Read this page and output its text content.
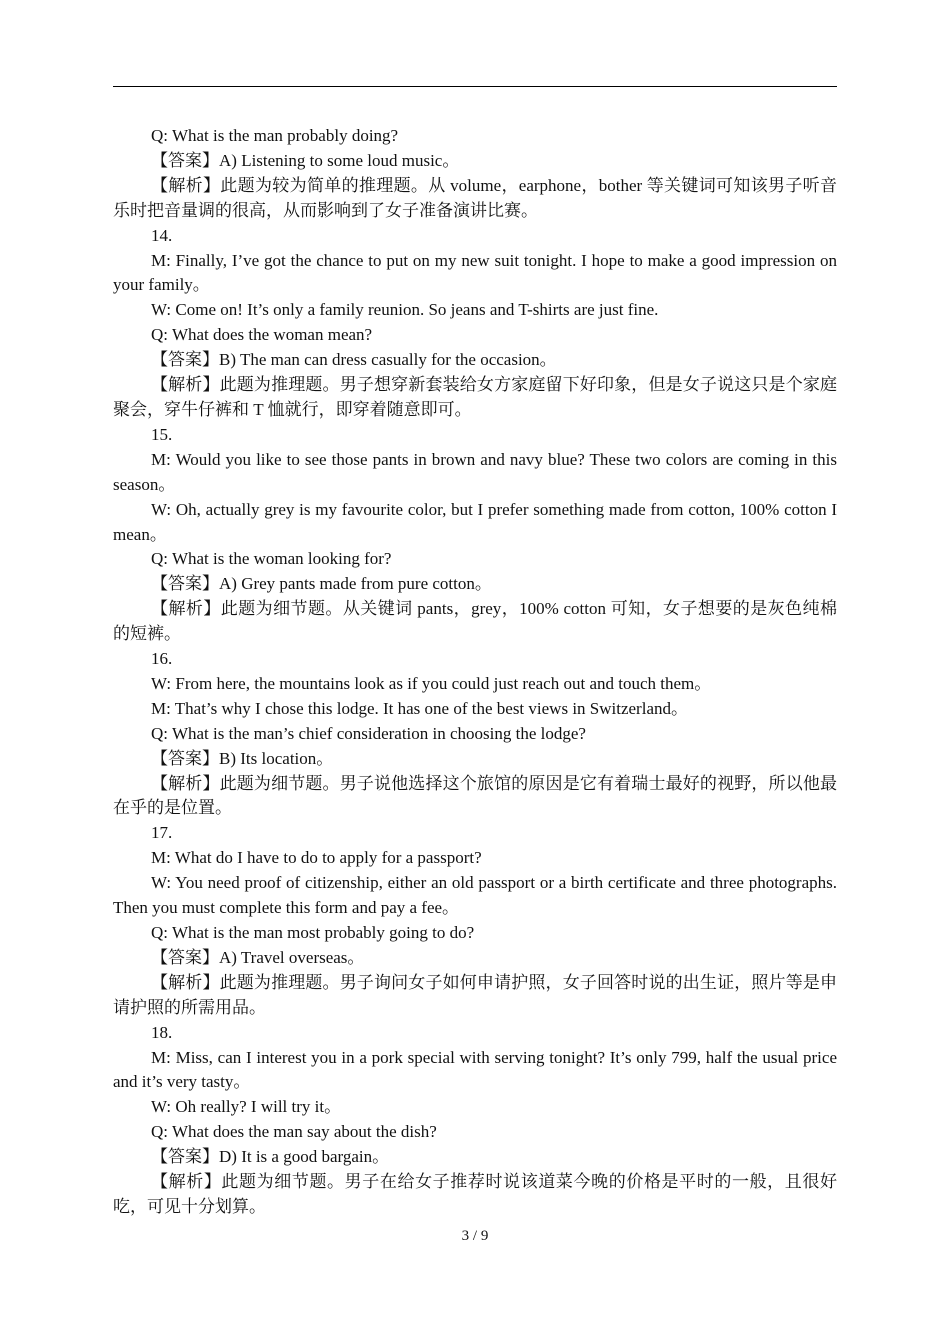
Q: What is the man probably doing?

【答案】A) Listening to some loud music。

【解析】此题为较为简单的推理题。从 volume，earphone，bother 等关键词可知该男子听音乐时把音量调的很高，从而影响到了女子准备演讲比赛。

14.

M: Finally, I’ve got the chance to put on my new suit tonight. I hope to make a good impression on your family。

W: Come on! It’s only a family reunion. So jeans and T-shirts are just fine.

Q: What does the woman mean?

【答案】B) The man can dress casually for the occasion。

【解析】此题为推理题。男子想穿新套装给女方家庭留下好印象，但是女子说这只是个家庭聚会，穿牛仔裤和 T 恤就行，即穿着随意即可。

15.

M: Would you like to see those pants in brown and navy blue? These two colors are coming in this season。

W: Oh, actually grey is my favourite color, but I prefer something made from cotton, 100% cotton I mean。

Q: What is the woman looking for?

【答案】A) Grey pants made from pure cotton。

【解析】此题为细节题。从关键词 pants，grey，100% cotton 可知，女子想要的是灰色纯棉的短裤。

16.

W: From here, the mountains look as if you could just reach out and touch them。

M: That’s why I chose this lodge. It has one of the best views in Switzerland。

Q: What is the man’s chief consideration in choosing the lodge?

【答案】B) Its location。

【解析】此题为细节题。男子说他选择这个旅馆的原因是它有着瑞士最好的视野，所以他最在乎的是位置。

17.

M: What do I have to do to apply for a passport?

W: You need proof of citizenship, either an old passport or a birth certificate and three photographs. Then you must complete this form and pay a fee。

Q: What is the man most probably going to do?

【答案】A) Travel overseas。

【解析】此题为推理题。男子询问女子如何申请护照，女子回答时说的出生证，照片等是申请护照的所需用品。

18.

M: Miss, can I interest you in a pork special with serving tonight? It’s only 799, half the usual price and it’s very tasty。

W: Oh really? I will try it。

Q: What does the man say about the dish?

【答案】D) It is a good bargain。

【解析】此题为细节题。男子在给女子推荐时说该道菜今晚的价格是平时的一般，且很好吃，可见十分划算。

3 / 9
